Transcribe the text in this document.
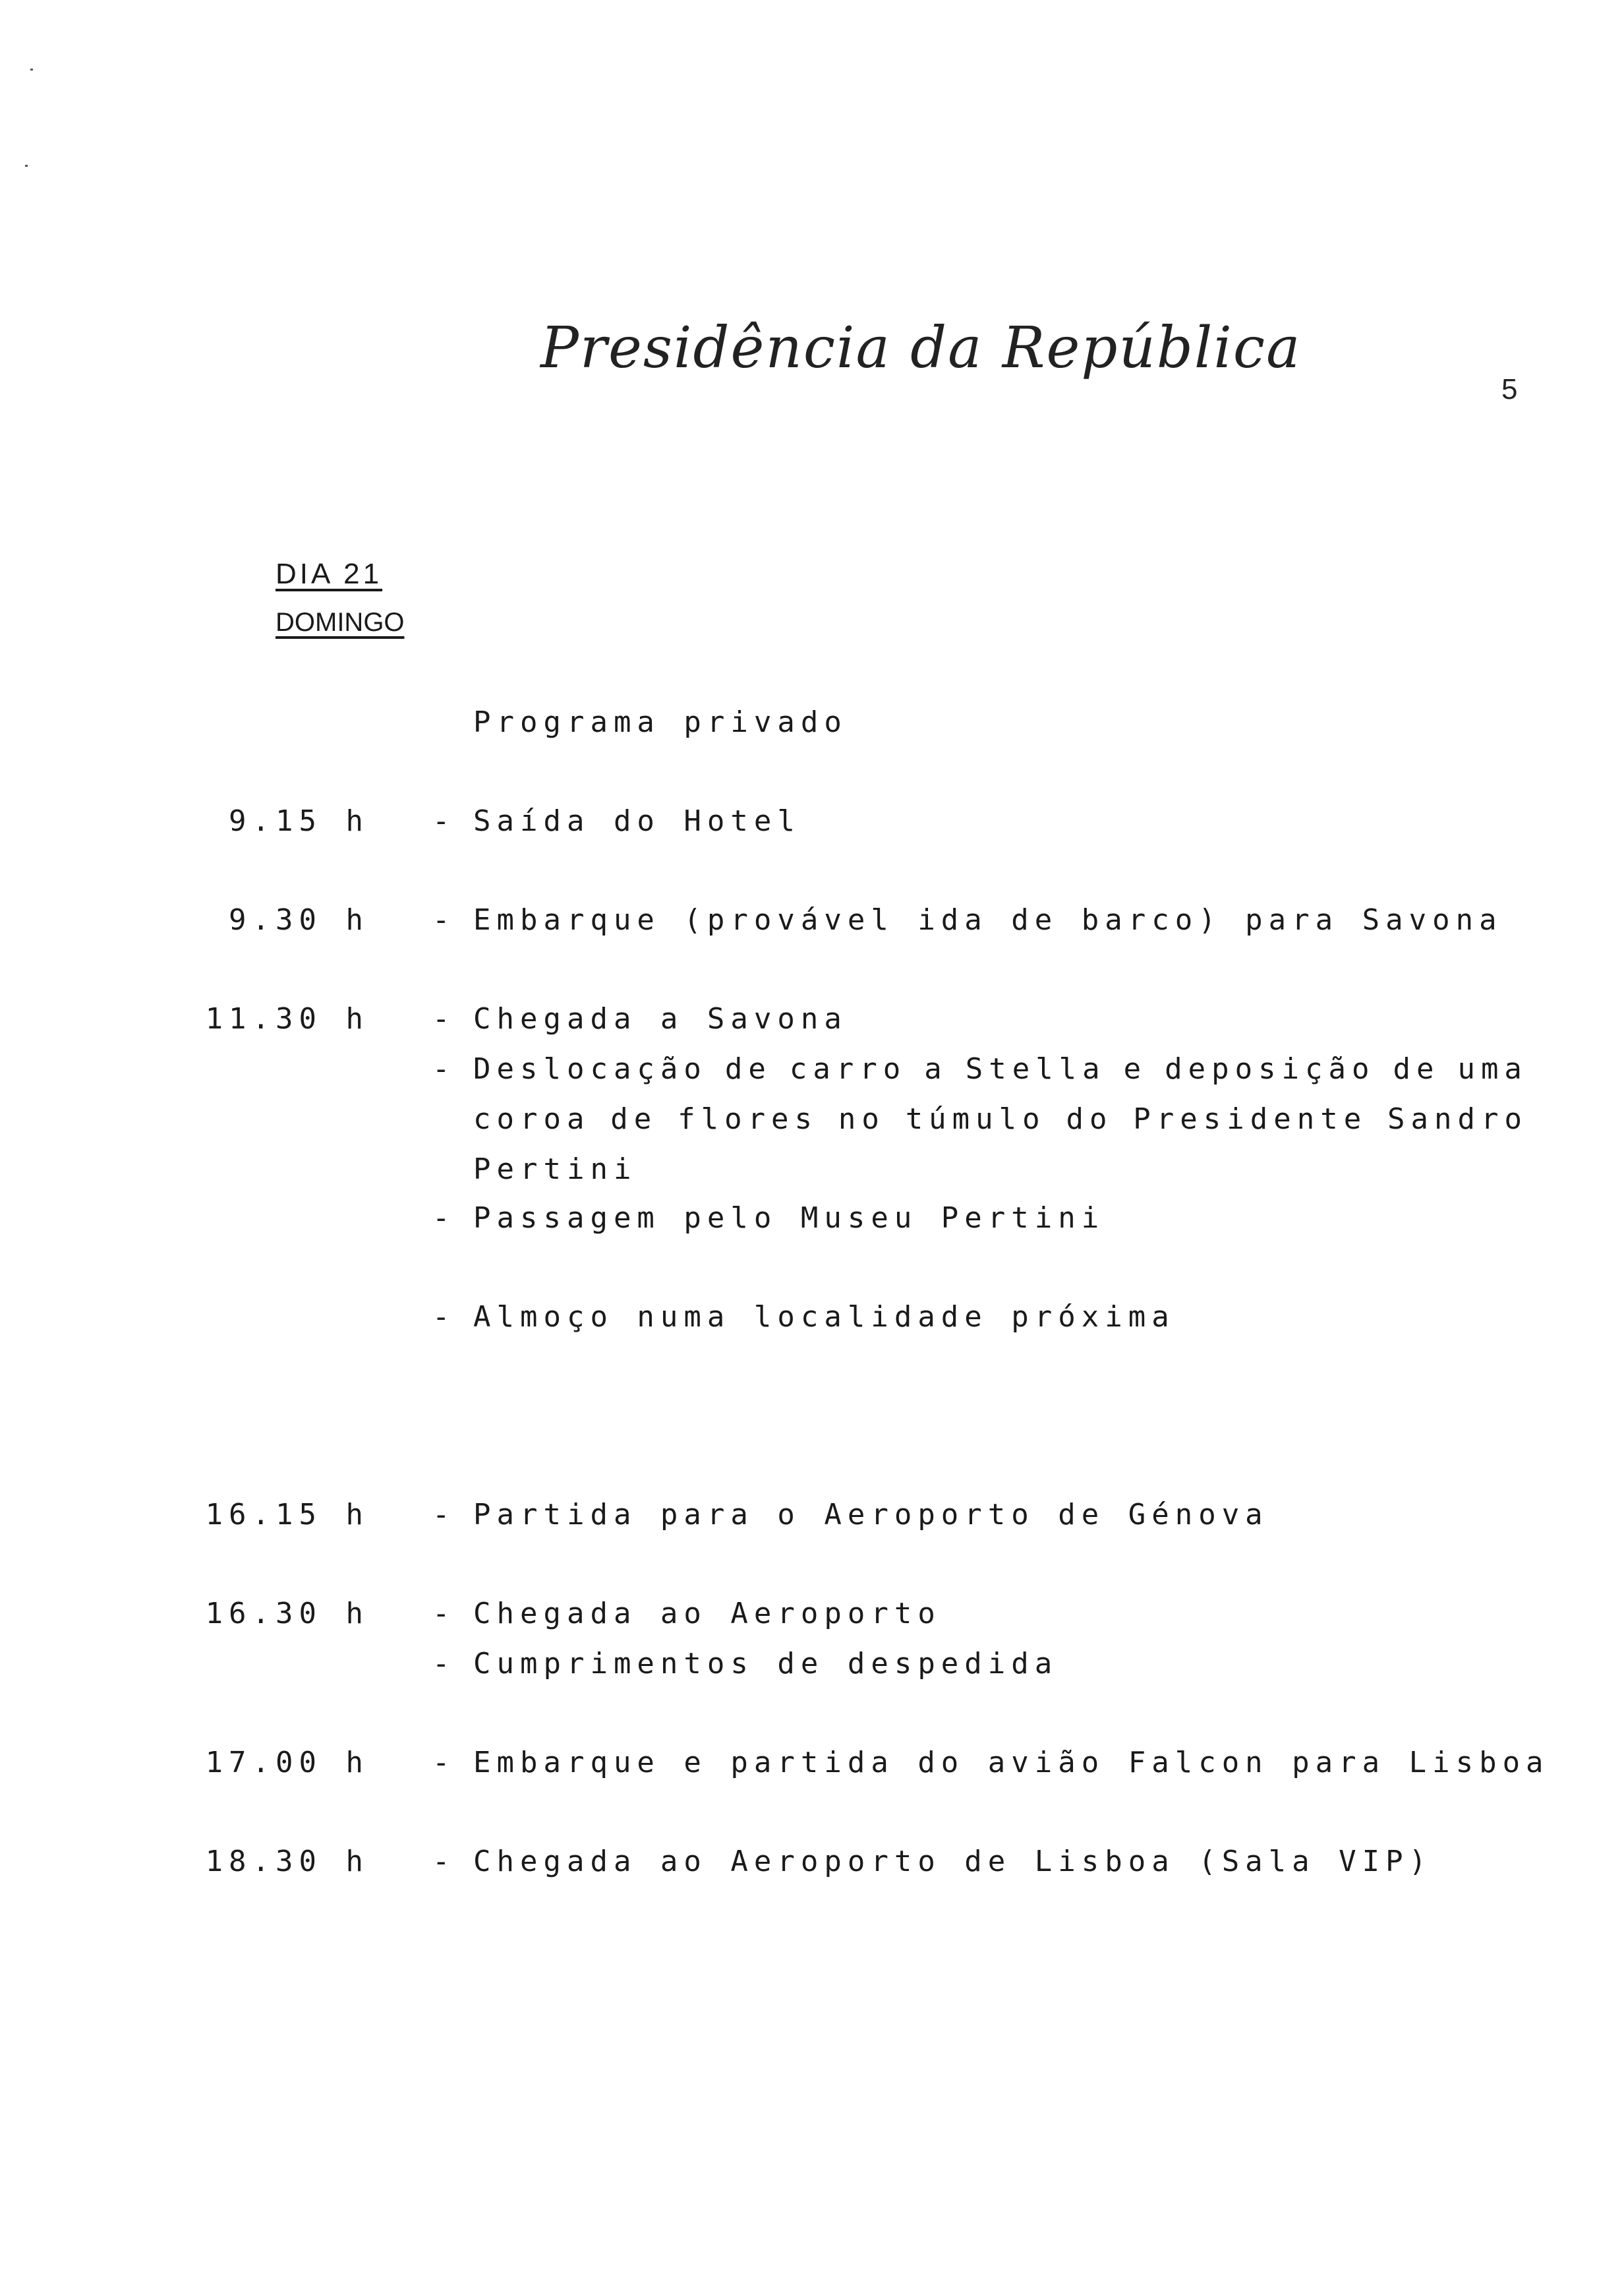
Presidência da República
5
DIA 21
DOMINGO
Programa privado
9.15 h - Saída do Hotel
9.30 h - Embarque (provável ida de barco) para Savona
11.30 h - Chegada a Savona
- Deslocação de carro a Stella e deposição de uma
coroa de flores no túmulo do Presidente Sandro
Pertini
- Passagem pelo Museu Pertini
- Almoço numa localidade próxima
16.15 h - Partida para o Aeroporto de Génova
16.30 h - Chegada ao Aeroporto
- Cumprimentos de despedida
17.00 h - Embarque e partida do avião Falcon para Lisboa
18.30 h - Chegada ao Aeroporto de Lisboa (Sala VIP)
